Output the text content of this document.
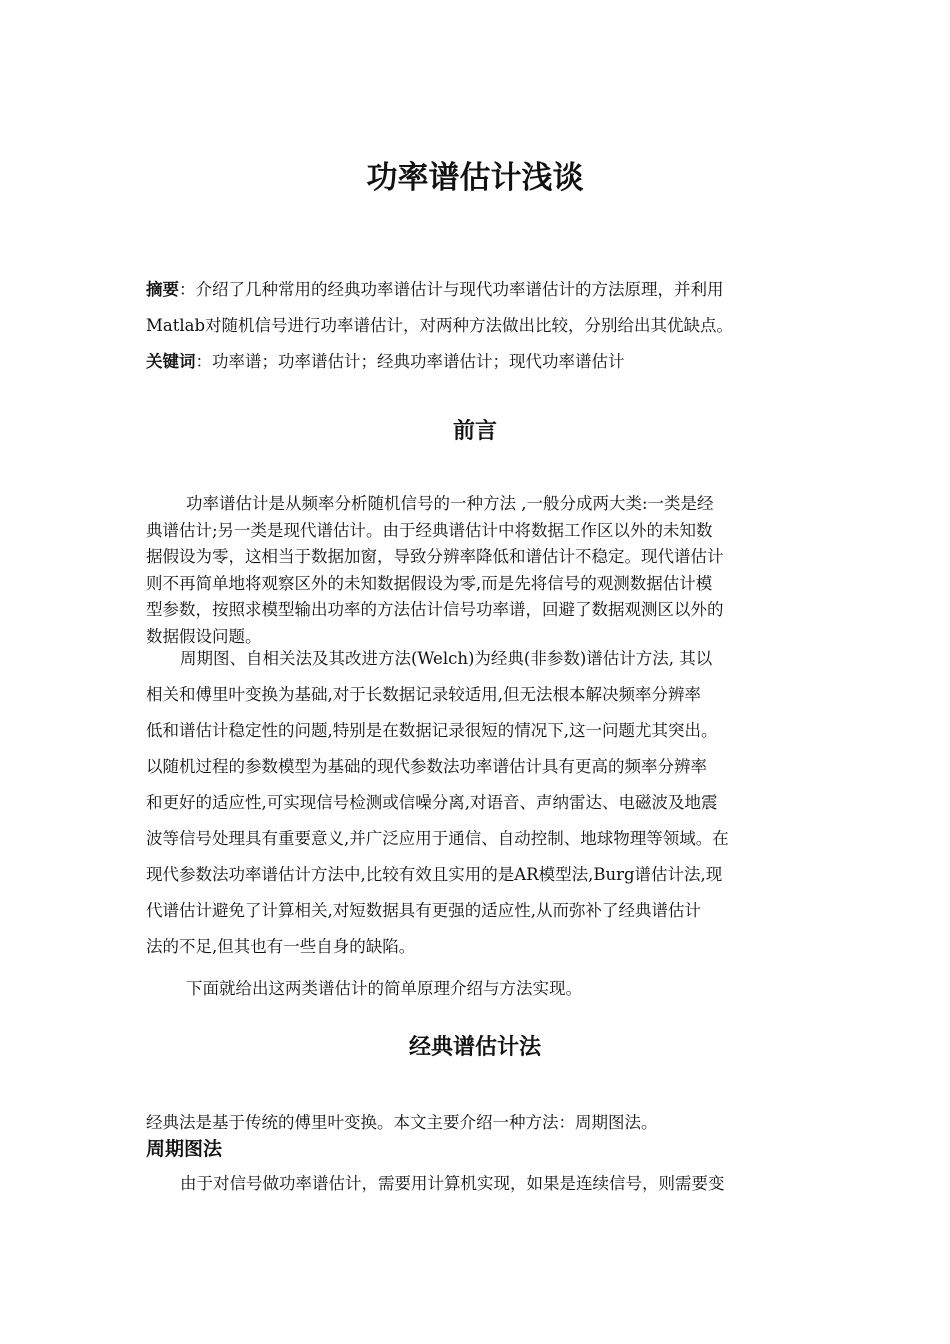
功率谱估计浅谈
摘要：介绍了几种常用的经典功率谱估计与现代功率谱估计的方法原理，并利用
Matlab对随机信号进行功率谱估计，对两种方法做出比较，分别给出其优缺点。
关键词：功率谱；功率谱估计；经典功率谱估计；现代功率谱估计
前言
功率谱估计是从频率分析随机信号的一种方法 ,一般分成两大类:一类是经
典谱估计;另一类是现代谱估计。由于经典谱估计中将数据工作区以外的未知数
据假设为零，这相当于数据加窗，导致分辨率降低和谱估计不稳定。现代谱估计
则不再简单地将观察区外的未知数据假设为零,而是先将信号的观测数据估计模
型参数，按照求模型输出功率的方法估计信号功率谱，回避了数据观测区以外的
数据假设问题。
周期图、自相关法及其改进方法(Welch)为经典(非参数)谱估计方法, 其以
相关和傅里叶变换为基础,对于长数据记录较适用,但无法根本解决频率分辨率
低和谱估计稳定性的问题,特别是在数据记录很短的情况下,这一问题尤其突出。
以随机过程的参数模型为基础的现代参数法功率谱估计具有更高的频率分辨率
和更好的适应性,可实现信号检测或信噪分离,对语音、声纳雷达、电磁波及地震
波等信号处理具有重要意义,并广泛应用于通信、自动控制、地球物理等领域。在
现代参数法功率谱估计方法中,比较有效且实用的是AR模型法,Burg谱估计法,现
代谱估计避免了计算相关,对短数据具有更强的适应性,从而弥补了经典谱估计
法的不足,但其也有一些自身的缺陷。
下面就给出这两类谱估计的简单原理介绍与方法实现。
经典谱估计法
经典法是基于传统的傅里叶变换。本文主要介绍一种方法：周期图法。
周期图法
由于对信号做功率谱估计，需要用计算机实现，如果是连续信号，则需要变
